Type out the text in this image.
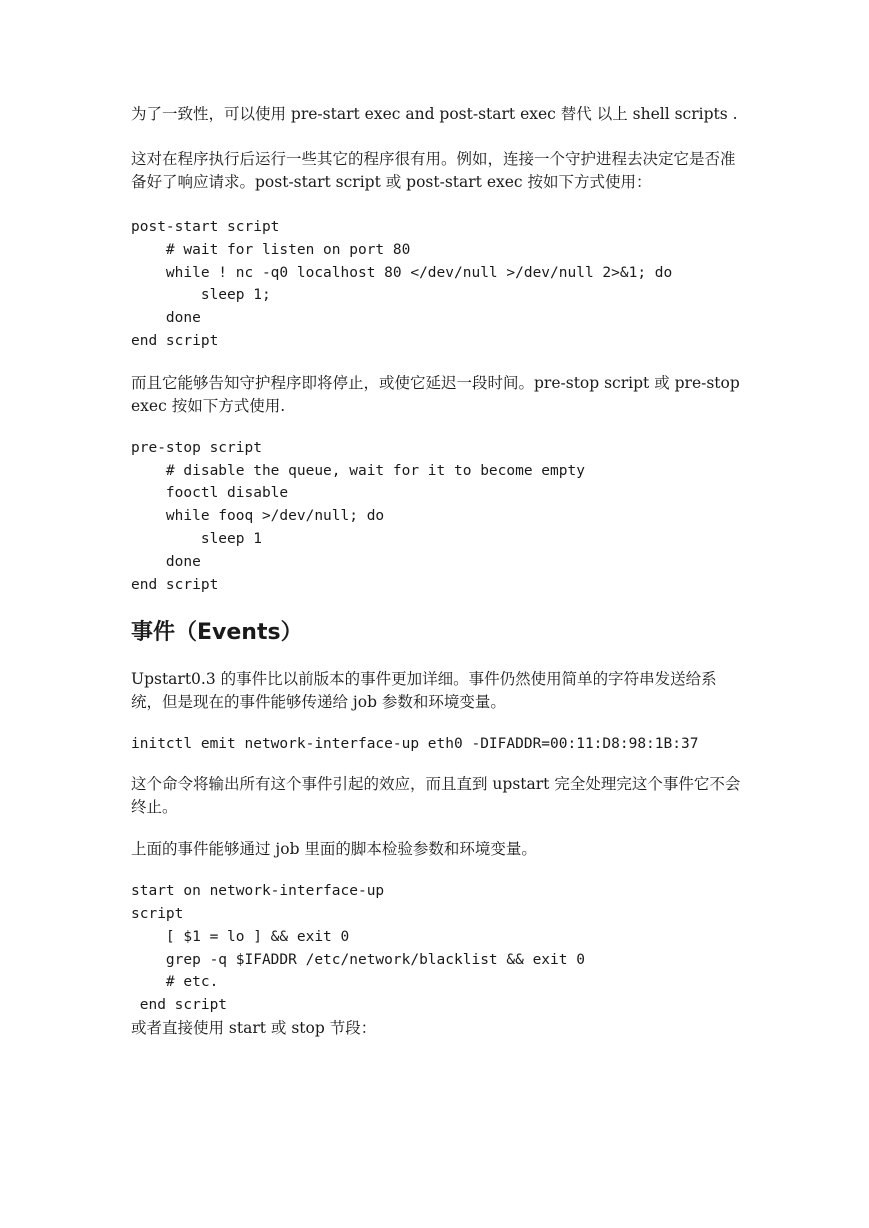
为了一致性，可以使用 pre-start exec and post-start exec 替代 以上 shell scripts .

这对在程序执行后运行一些其它的程序很有用。例如，连接一个守护进程去决定它是否准备好了响应请求。post-start script 或 post-start exec 按如下方式使用：

post-start script
# wait for listen on port 80
while ! nc -q0 localhost 80 </dev/null >/dev/null 2>&1; do
sleep 1;
done
end script

而且它能够告知守护程序即将停止，或使它延迟一段时间。pre-stop script 或 pre-stop exec 按如下方式使用.

pre-stop script
# disable the queue, wait for it to become empty
fooctl disable
while fooq >/dev/null; do
sleep 1
done
end script
事件（Events）

Upstart0.3 的事件比以前版本的事件更加详细。事件仍然使用简单的字符串发送给系统，但是现在的事件能够传递给 job 参数和环境变量。

initctl emit network-interface-up eth0 -DIFADDR=00:11:D8:98:1B:37

这个命令将输出所有这个事件引起的效应，而且直到 upstart 完全处理完这个事件它不会终止。

上面的事件能够通过 job 里面的脚本检验参数和环境变量。

start on network-interface-up
script
[ $1 = lo ] && exit 0
grep -q $IFADDR /etc/network/blacklist && exit 0
# etc.
end script

或者直接使用 start 或 stop 节段：
